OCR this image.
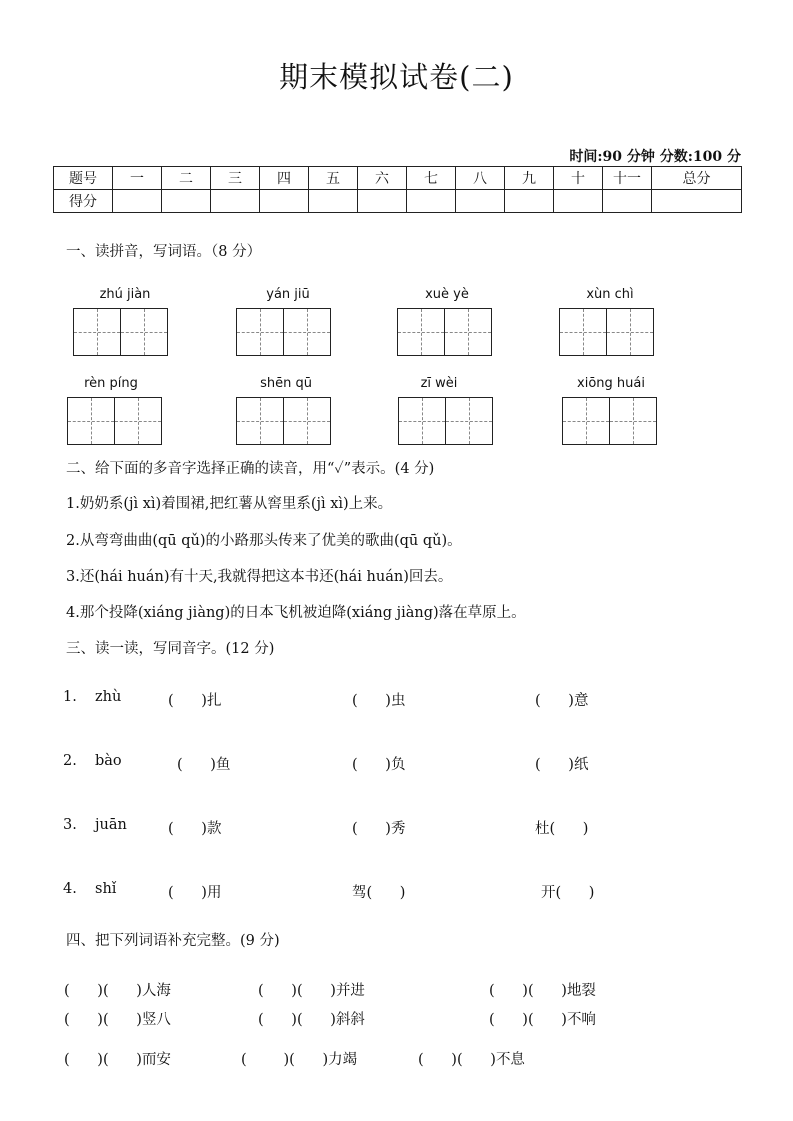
期末模拟试卷(二)
时间:90 分钟 分数:100 分
题号	一	二	三	四	五	六	七	八	九	十	十一	总分
得分												
一、读拼音，写词语。（8 分）
zhú jiàn	yán jiū	xuè yè	xùn chì
rèn píng	shēn qū	zī wèi	xiōng huái
二、给下面的多音字选择正确的读音，用“✓”表示。(4 分)
1.奶奶系(jì xì)着围裙,把红薯从窖里系(jì xì)上来。
2.从弯弯曲曲(qū qǔ)的小路那头传来了优美的歌曲(qū qǔ)。
3.还(hái huán)有十天,我就得把这本书还(hái huán)回去。
4.那个投降(xiáng jiàng)的日本飞机被迫降(xiáng jiàng)落在草原上。
三、读一读，写同音字。(12 分)
1. zhù	(      )扎	(      )虫	(      )意
2. bào	(      )鱼	(      )负	(      )纸
3. juān	(      )款	(      )秀	杜(      )
4. shǐ	(      )用	驾(      )	开(      )
四、把下列词语补充完整。(9 分)
(      )(      )人海	(      )(      )并进	(      )(      )地裂
(      )(      )竖八	(      )(      )斜斜	(      )(      )不响
(      )(      )而安	(        )(      )力竭	(      )(      )不息
